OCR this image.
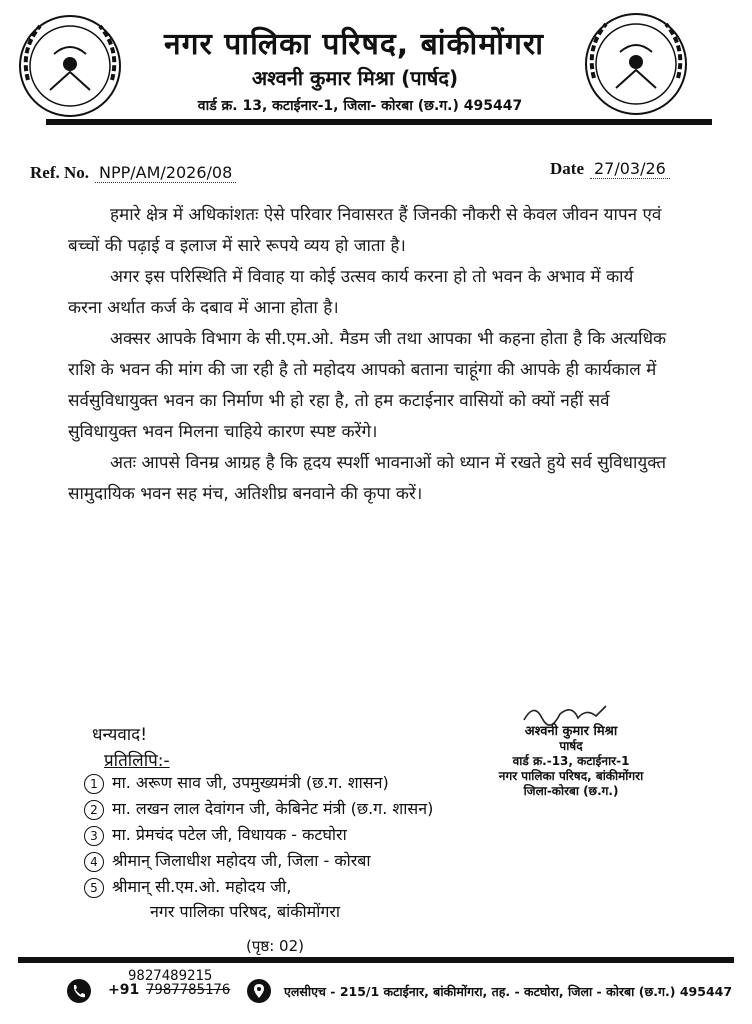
नगर पालिका परिषद, बांकीमोंगरा
अश्वनी कुमार मिश्रा (पार्षद)
वार्ड क्र. 13, कटाईनार-1, जिला- कोरबा (छ.ग.) 495447
Ref. No. NPP/AM/2026/08	Date 27/03/26

हमारे क्षेत्र में अधिकांशतः ऐसे परिवार निवासरत हैं जिनकी नौकरी से केवल जीवन यापन एवं बच्चों की पढ़ाई व इलाज में सारे रूपये व्यय हो जाता है।

अगर इस परिस्थिति में विवाह या कोई उत्सव कार्य करना हो तो भवन के अभाव में कार्य करना अर्थात कर्ज के दबाव में आना होता है।

अक्सर आपके विभाग के सी.एम.ओ. मैडम जी तथा आपका भी कहना होता है कि अत्यधिक राशि के भवन की मांग की जा रही है तो महोदय आपको बताना चाहूंगा की आपके ही कार्यकाल में सर्वसुविधायुक्त भवन का निर्माण भी हो रहा है, तो हम कटाईनार वासियों को क्यों नहीं सर्व सुविधायुक्त भवन मिलना चाहिये कारण स्पष्ट करेंगे।

अतः आपसे विनम्र आग्रह है कि हृदय स्पर्शी भावनाओं को ध्यान में रखते हुये सर्व सुविधायुक्त सामुदायिक भवन सह मंच, अतिशीघ्र बनवाने की कृपा करें।

धन्यवाद!	अश्वनी कुमार मिश्रा
पार्षद
वार्ड क्र.-13, कटाईनार-1
नगर पालिका परिषद, बांकीमोंगरा
जिला-कोरबा (छ.ग.)
प्रतिलिपि:-
1 मा. अरूण साव जी, उपमुख्यमंत्री (छ.ग. शासन)
2 मा. लखन लाल देवांगन जी, केबिनेट मंत्री (छ.ग. शासन)
3 मा. प्रेमचंद पटेल जी, विधायक - कटघोरा
4 श्रीमान् जिलाधीश महोदय जी, जिला - कोरबा
5 श्रीमान् सी.एम.ओ. महोदय जी,
नगर पालिका परिषद, बांकीमोंगरा
(पृष्ठ: 02)
9827489215
+91 7987785176	एलसीएच - 215/1 कटाईनार, बांकीमोंगरा, तह. - कटघोरा, जिला - कोरबा (छ.ग.) 495447
